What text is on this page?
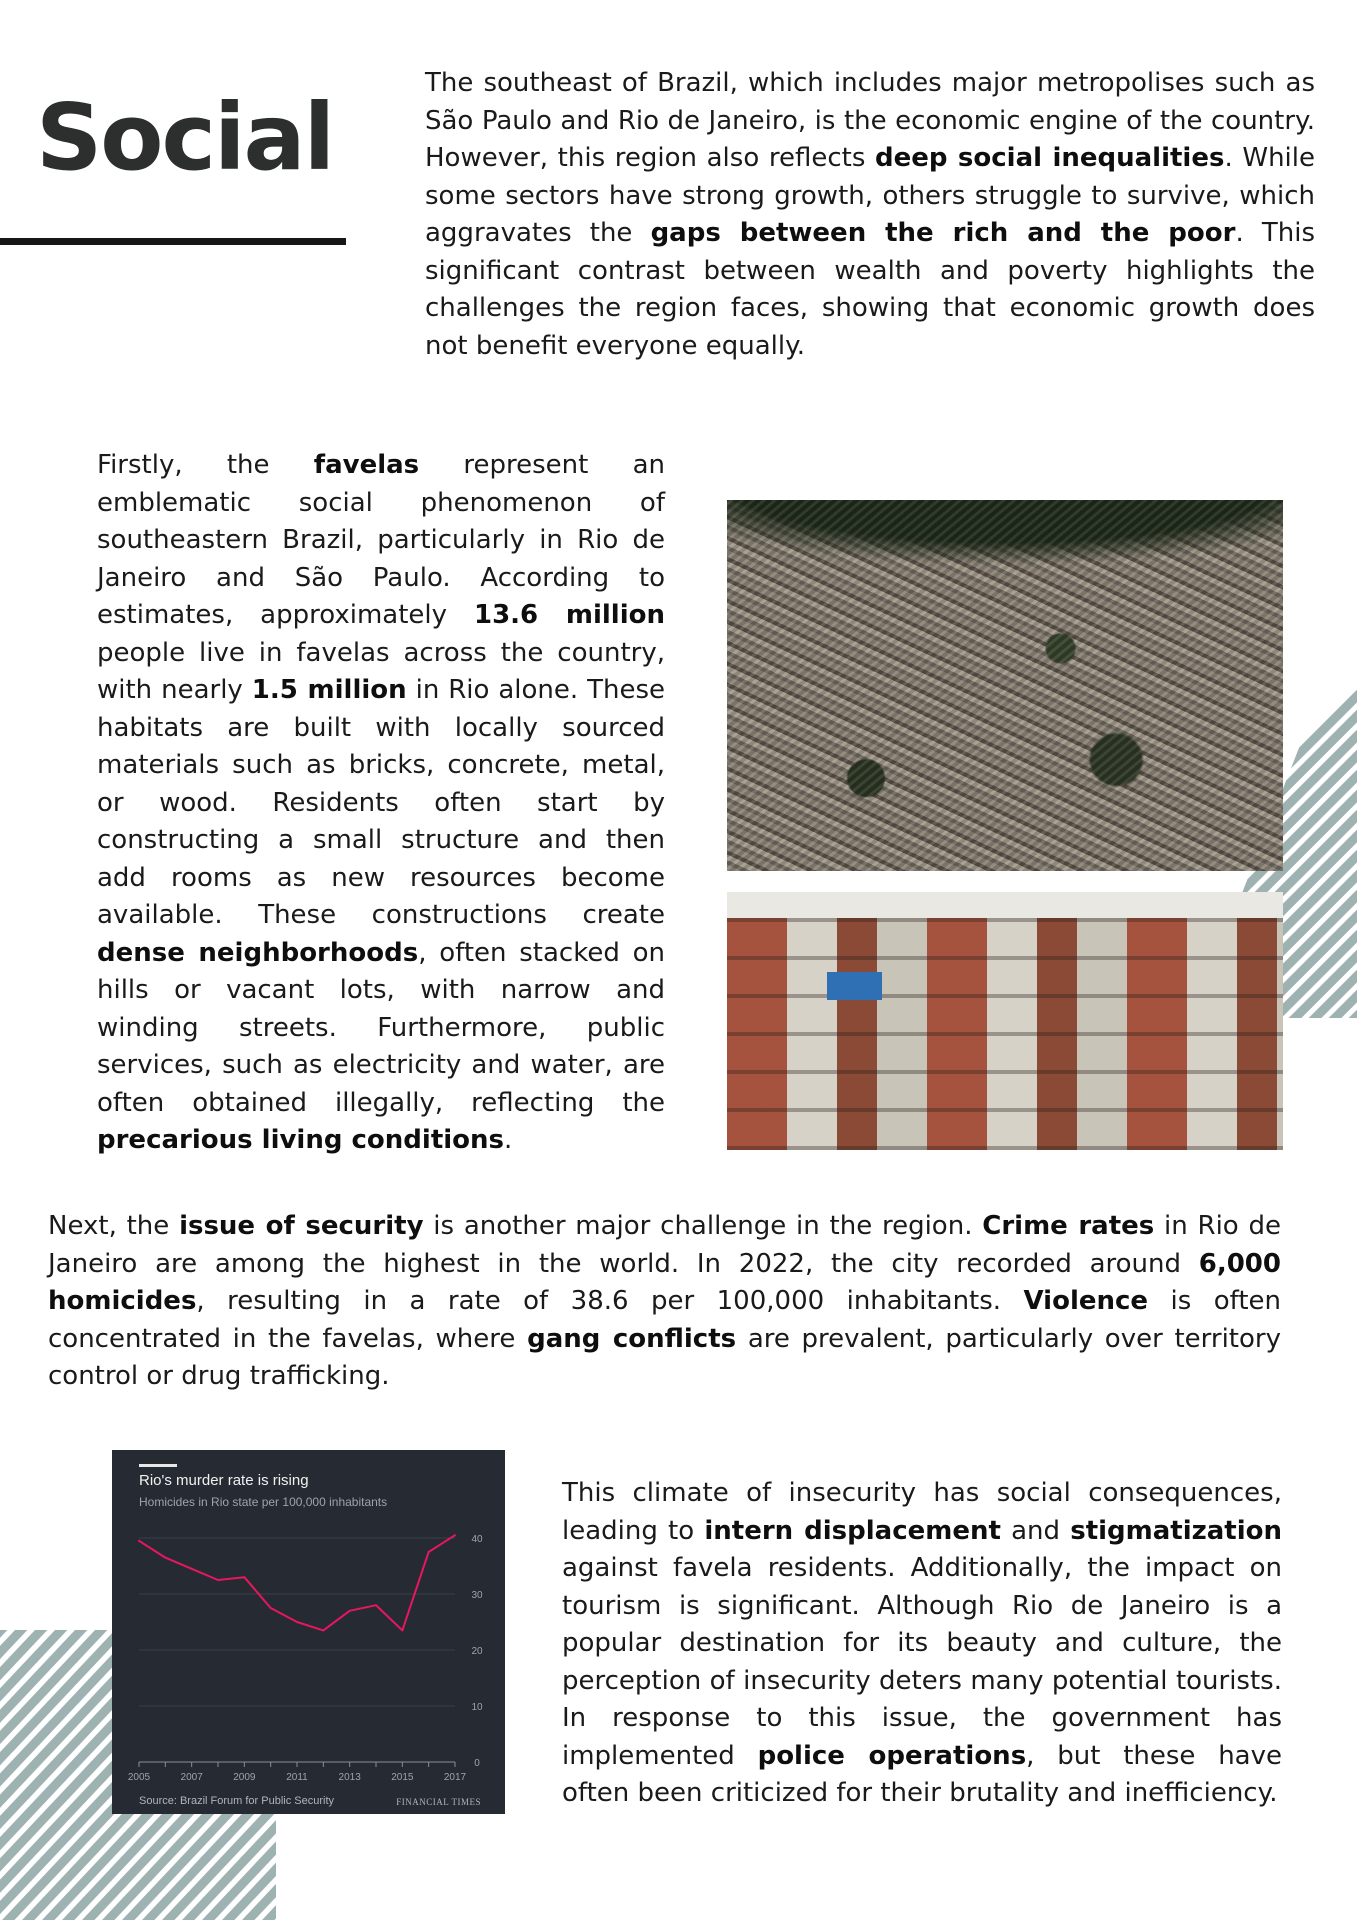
Social

The southeast of Brazil, which includes major metropolises such as São Paulo and Rio de Janeiro, is the economic engine of the country. However, this region also reflects deep social inequalities. While some sectors have strong growth, others struggle to survive, which aggravates the gaps between the rich and the poor. This significant contrast between wealth and poverty highlights the challenges the region faces, showing that economic growth does not benefit everyone equally.

Firstly, the favelas represent an emblematic social phenomenon of southeastern Brazil, particularly in Rio de Janeiro and São Paulo. According to estimates, approximately 13.6 million people live in favelas across the country, with nearly 1.5 million in Rio alone. These habitats are built with locally sourced materials such as bricks, concrete, metal, or wood. Residents often start by constructing a small structure and then add rooms as new resources become available. These constructions create dense neighborhoods, often stacked on hills or vacant lots, with narrow and winding streets. Furthermore, public services, such as electricity and water, are often obtained illegally, reflecting the precarious living conditions.

Next, the issue of security is another major challenge in the region. Crime rates in Rio de Janeiro are among the highest in the world. In 2022, the city recorded around 6,000 homicides, resulting in a rate of 38.6 per 100,000 inhabitants. Violence is often concentrated in the favelas, where gang conflicts are prevalent, particularly over territory control or drug trafficking.

Rio's murder rate is rising
Homicides in Rio state per 100,000 inhabitants
0
10
20
30
40
2005	2007	2009	2011	2013	2015	2017
Source: Brazil Forum for Public Security	FINANCIAL TIMES

This climate of insecurity has social consequences, leading to intern displacement and stigmatization against favela residents. Additionally, the impact on tourism is significant. Although Rio de Janeiro is a popular destination for its beauty and culture, the perception of insecurity deters many potential tourists. In response to this issue, the government has implemented police operations, but these have often been criticized for their brutality and inefficiency.
